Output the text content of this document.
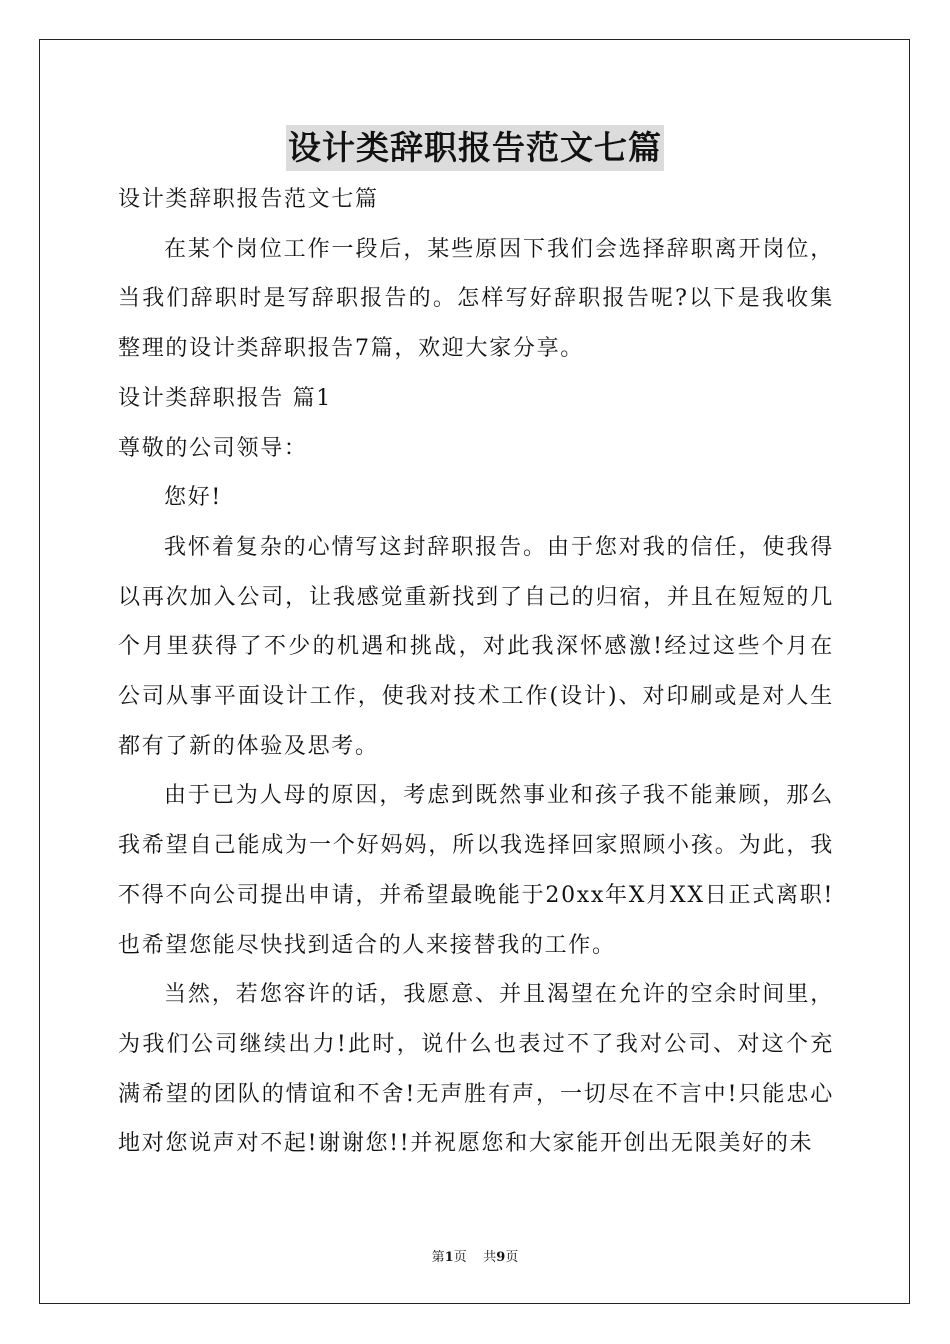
设计类辞职报告范文七篇

设计类辞职报告范文七篇

在某个岗位工作一段后，某些原因下我们会选择辞职离开岗位，当我们辞职时是写辞职报告的。怎样写好辞职报告呢?以下是我收集整理的设计类辞职报告7篇，欢迎大家分享。

设计类辞职报告 篇1

尊敬的公司领导：

您好!

我怀着复杂的心情写这封辞职报告。由于您对我的信任，使我得以再次加入公司，让我感觉重新找到了自己的归宿，并且在短短的几个月里获得了不少的机遇和挑战，对此我深怀感激!经过这些个月在公司从事平面设计工作，使我对技术工作(设计)、对印刷或是对人生都有了新的体验及思考。

由于已为人母的原因，考虑到既然事业和孩子我不能兼顾，那么我希望自己能成为一个好妈妈，所以我选择回家照顾小孩。为此，我不得不向公司提出申请，并希望最晚能于20xx年X月XX日正式离职!也希望您能尽快找到适合的人来接替我的工作。

当然，若您容许的话，我愿意、并且渴望在允许的空余时间里，为我们公司继续出力!此时，说什么也表过不了我对公司、对这个充满希望的团队的情谊和不舍!无声胜有声，一切尽在不言中!只能忠心地对您说声对不起!谢谢您!!并祝愿您和大家能开创出无限美好的未

第1页 共9页
